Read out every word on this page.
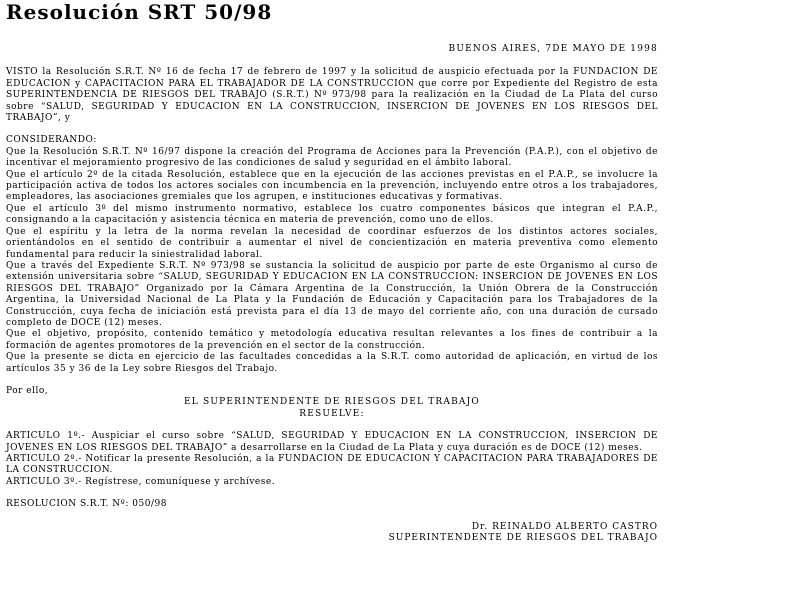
Resolución SRT 50/98
BUENOS AIRES, 7DE MAYO DE 1998

VISTO la Resolución S.R.T. Nº 16 de fecha 17 de febrero de 1997 y la solicitud de auspicio efectuada por la FUNDACION DE EDUCACION y CAPACITACION PARA EL TRABAJADOR DE LA CONSTRUCCION que corre por Expediente del Registro de esta SUPERINTENDENCIA DE RIESGOS DEL TRABAJO (S.R.T.) Nº 973/98 para la realización en la Ciudad de La Plata del curso sobre “SALUD, SEGURIDAD Y EDUCACION EN LA CONSTRUCCION, INSERCION DE JOVENES EN LOS RIESGOS DEL TRABAJO”, y

CONSIDERANDO:

Que la Resolución S.R.T. Nº 16/97 dispone la creación del Programa de Acciones para la Prevención (P.A.P.), con el objetivo de incentivar el mejoramiento progresivo de las condiciones de salud y seguridad en el ámbito laboral.

Que el artículo 2º de la citada Resolución, establece que en la ejecución de las acciones previstas en el P.A.P., se involucre la participación activa de todos los actores sociales con incumbencia en la prevención, incluyendo entre otros a los trabajadores, empleadores, las asociaciones gremiales que los agrupen, e instituciones educativas y formativas.

Que el artículo 3º del mismo instrumento normativo, establece los cuatro componentes básicos que integran el P.A.P., consignando a la capacitación y asistencia técnica en materia de prevención, como uno de ellos.

Que el espíritu y la letra de la norma revelan la necesidad de coordinar esfuerzos de los distintos actores sociales, orientándolos en el sentido de contribuir a aumentar el nivel de concientización en materia preventiva como elemento fundamental para reducir la siniestralidad laboral.

Que a través del Expediente S.R.T. Nº 973/98 se sustancia la solicitud de auspicio por parte de este Organismo al curso de extensión universitaria sobre “SALUD, SEGURIDAD Y EDUCACION EN LA CONSTRUCCION: INSERCION DE JOVENES EN LOS RIESGOS DEL TRABAJO” Organizado por la Cámara Argentina de la Construcción, la Unión Obrera de la Construcción Argentina, la Universidad Nacional de La Plata y la Fundación de Educación y Capacitación para los Trabajadores de la Construcción, cuya fecha de iniciación está prevista para el día 13 de mayo del corriente año, con una duración de cursado completo de DOCE (12) meses.

Que el objetivo, propósito, contenido temático y metodología educativa resultan relevantes a los fines de contribuir a la formación de agentes promotores de la prevención en el sector de la construcción.

Que la presente se dicta en ejercicio de las facultades concedidas a la S.R.T. como autoridad de aplicación, en virtud de los artículos 35 y 36 de la Ley sobre Riesgos del Trabajo.

Por ello,

EL SUPERINTENDENTE DE RIESGOS DEL TRABAJO
RESUELVE:

ARTICULO 1º.- Auspiciar el curso sobre “SALUD, SEGURIDAD Y EDUCACION EN LA CONSTRUCCION, INSERCION DE JOVENES EN LOS RIESGOS DEL TRABAJO” a desarrollarse en la Ciudad de La Plata y cuya duración es de DOCE (12) meses.

ARTICULO 2º.- Notificar la presente Resolución, a la FUNDACION DE EDUCACION Y CAPACITACION PARA TRABAJADORES DE LA CONSTRUCCION.

ARTICULO 3º.- Regístrese, comuníquese y archívese.

RESOLUCION S.R.T. Nº: 050/98

Dr. REINALDO ALBERTO CASTRO
SUPERINTENDENTE DE RIESGOS DEL TRABAJO
